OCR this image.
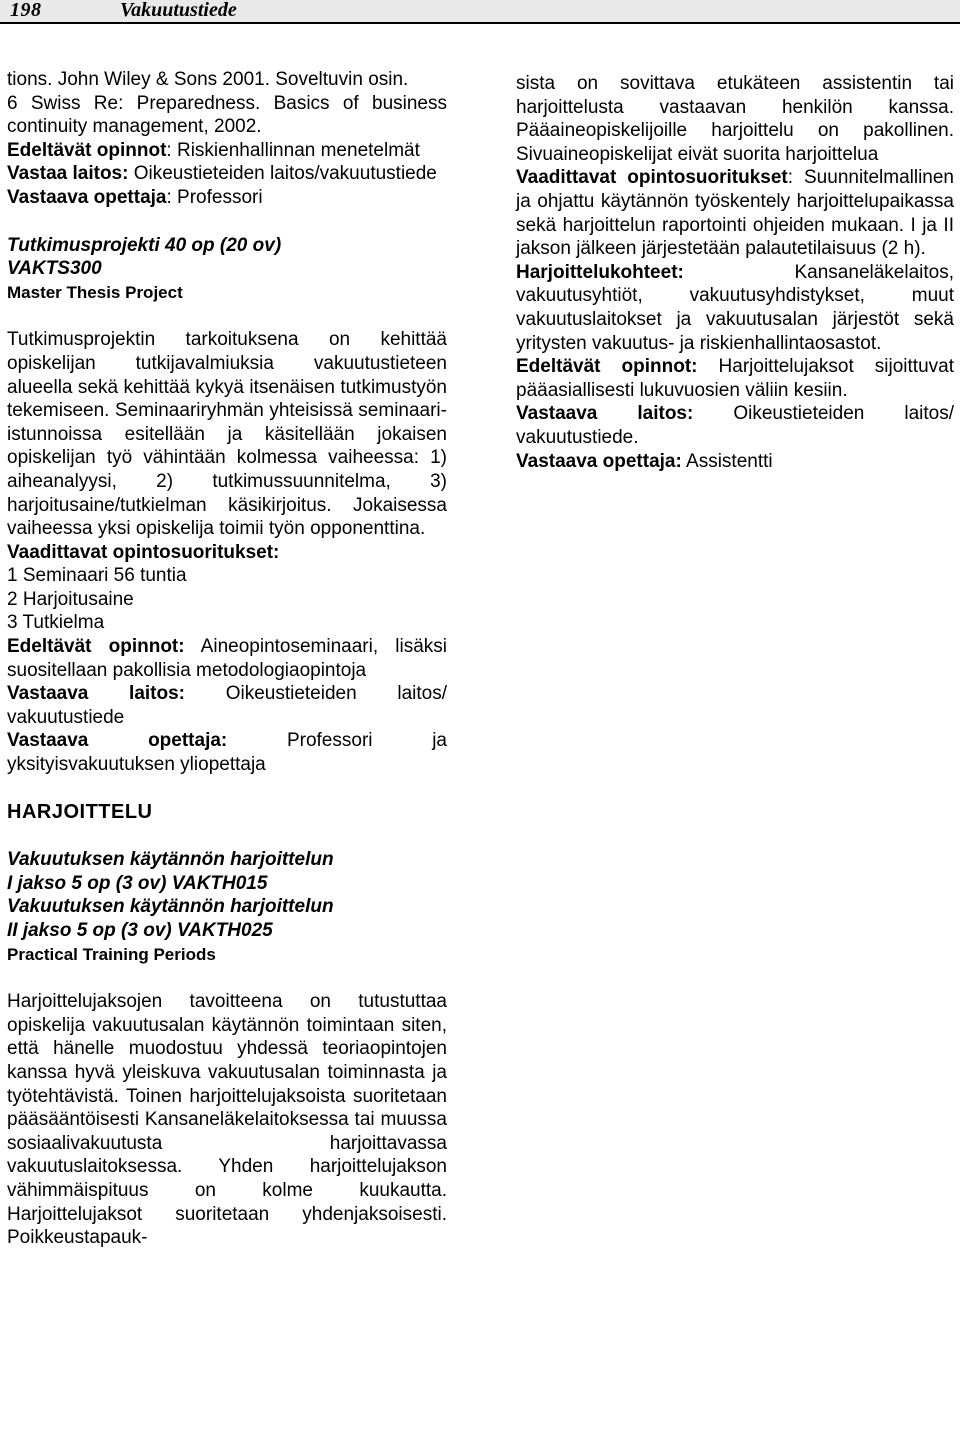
198	Vakuutustiede

tions. John Wiley & Sons 2001. Soveltuvin osin.

6 Swiss Re: Preparedness. Basics of business continuity management, 2002.

Edeltävät opinnot: Riskienhallinnan menetelmät

Vastaa laitos: Oikeustieteiden laitos/vakuutustiede

Vastaava opettaja: Professori

Tutkimusprojekti 40 op (20 ov)

VAKTS300

Master Thesis Project

Tutkimusprojektin tarkoituksena on kehittää opiskelijan tutkijavalmiuksia vakuutustieteen alueella sekä kehittää kykyä itsenäisen tutkimustyön tekemiseen. Seminaariryhmän yhteisissä seminaari-istunnoissa esitellään ja käsitellään jokaisen opiskelijan työ vähintään kolmessa vaiheessa: 1) aiheanalyysi, 2) tutkimussuunnitelma, 3) harjoitusaine/tutkielman käsikirjoitus. Jokaisessa vaiheessa yksi opiskelija toimii työn opponenttina.

Vaadittavat opintosuoritukset:

1 Seminaari 56 tuntia

2 Harjoitusaine

3 Tutkielma

Edeltävät opinnot: Aineopintoseminaari, lisäksi suositellaan pakollisia metodologiaopintoja

Vastaava laitos: Oikeustieteiden laitos/ vakuutustiede

Vastaava opettaja: Professori ja yksityisvakuutuksen yliopettaja

HARJOITTELU

Vakuutuksen käytännön harjoittelun

I jakso 5 op (3 ov) VAKTH015

Vakuutuksen käytännön harjoittelun

II jakso 5 op (3 ov) VAKTH025

Practical Training Periods

Harjoittelujaksojen tavoitteena on tutustuttaa opiskelija vakuutusalan käytännön toimintaan siten, että hänelle muodostuu yhdessä teoriaopintojen kanssa hyvä yleiskuva vakuutusalan toiminnasta ja työtehtävistä. Toinen harjoittelujaksoista suoritetaan pääsääntöisesti Kansaneläkelaitoksessa tai muussa sosiaalivakuutusta harjoittavassa vakuutuslaitoksessa. Yhden harjoittelujakson vähimmäispituus on kolme kuukautta. Harjoittelujaksot suoritetaan yhdenjaksoisesti. Poikkeustapauk-

sista on sovittava etukäteen assistentin tai harjoittelusta vastaavan henkilön kanssa. Pääaineopiskelijoille harjoittelu on pakollinen. Sivuaineopiskelijat eivät suorita harjoittelua

Vaadittavat opintosuoritukset: Suunnitelmallinen ja ohjattu käytännön työskentely harjoittelupaikassa sekä harjoittelun raportointi ohjeiden mukaan. I ja II jakson jälkeen järjestetään palautetilaisuus (2 h).

Harjoittelukohteet: Kansaneläkelaitos, vakuutusyhtiöt, vakuutusyhdistykset, muut vakuutuslaitokset ja vakuutusalan järjestöt sekä yritysten vakuutus- ja riskienhallintaosastot.

Edeltävät opinnot: Harjoittelujaksot sijoittuvat pääasiallisesti lukuvuosien väliin kesiin.

Vastaava laitos: Oikeustieteiden laitos/ vakuutustiede.

Vastaava opettaja: Assistentti
